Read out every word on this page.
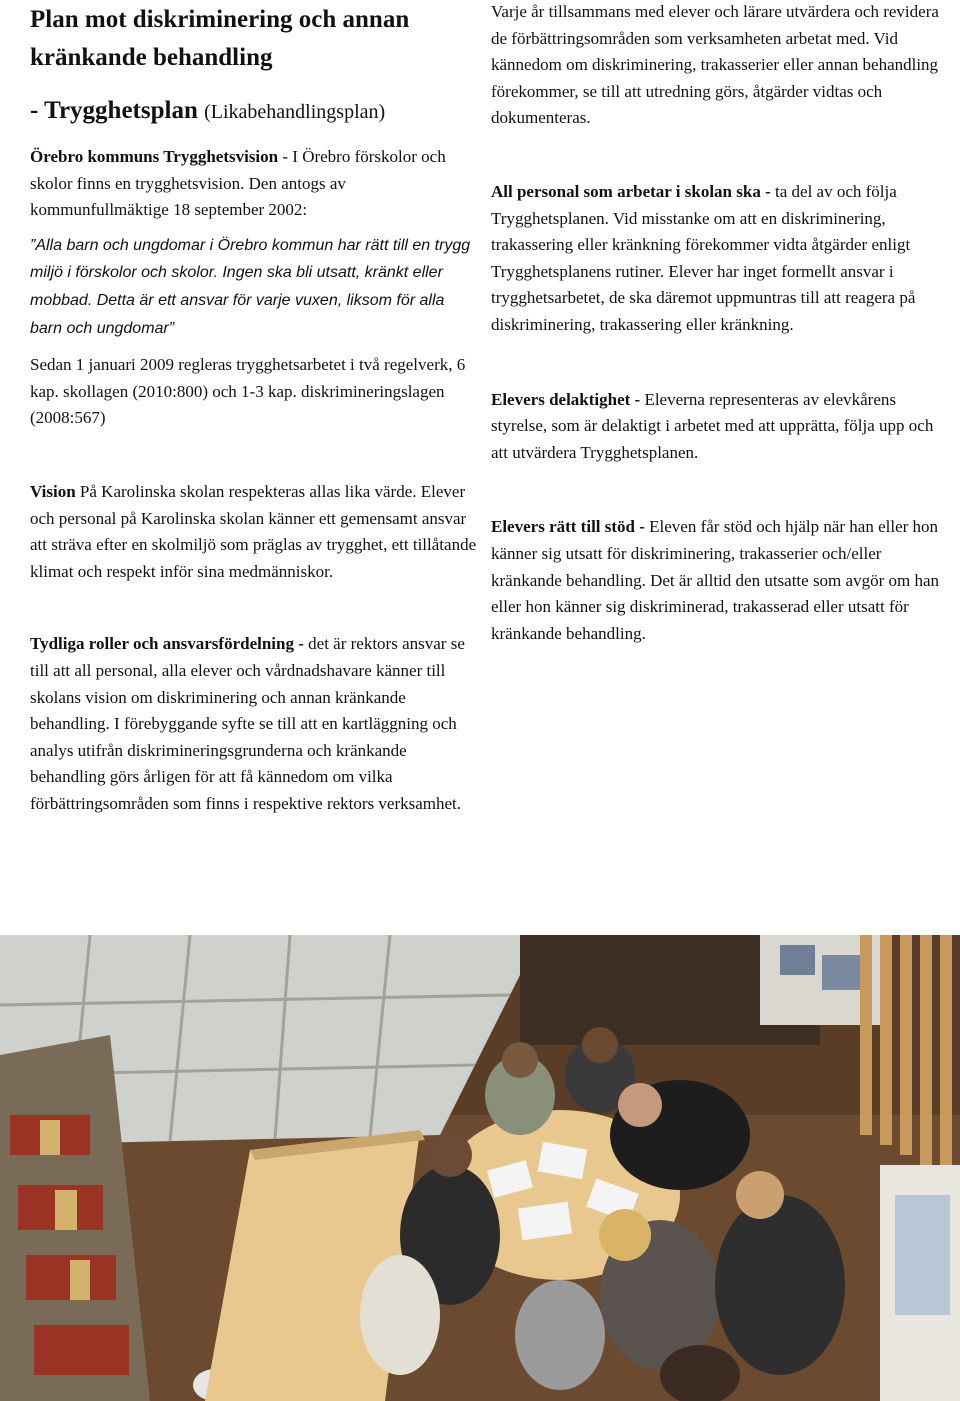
Plan mot diskriminering och annan
kränkande behandling
- Trygghetsplan (Likabehandlingsplan)

Örebro kommuns Trygghetsvision - I Örebro förskolor och skolor finns en trygghetsvision. Den antogs av kommunfullmäktige 18 september 2002:

”Alla barn och ungdomar i Örebro kommun har rätt till en trygg miljö i förskolor och skolor. Ingen ska bli utsatt, kränkt eller mobbad. Detta är ett ansvar för varje vuxen, liksom för alla barn och ungdomar”

Sedan 1 januari 2009 regleras trygghetsarbetet i två regelverk, 6 kap. skollagen (2010:800) och 1-3 kap. diskrimineringslagen (2008:567)

Vision På Karolinska skolan respekteras allas lika värde. Elever och personal på Karolinska skolan känner ett gemensamt ansvar att sträva efter en skolmiljö som präglas av trygghet, ett tillåtande klimat och respekt inför sina medmänniskor.

Tydliga roller och ansvarsfördelning - det är rektors ansvar se till att all personal, alla elever och vårdnadshavare känner till skolans vision om diskriminering och annan kränkande behandling. I förebyggande syfte se till att en kartläggning och analys utifrån diskrimineringsgrunderna och kränkande behandling görs årligen för att få kännedom om vilka förbättringsområden som finns i respektive rektors verksamhet.

Varje år tillsammans med elever och lärare utvärdera och revidera de förbättringsområden som verksamheten arbetat med. Vid kännedom om diskriminering, trakasserier eller annan behandling förekommer, se till att utredning görs, åtgärder vidtas och dokumenteras.

All personal som arbetar i skolan ska - ta del av och följa Trygghetsplanen. Vid misstanke om att en diskriminering, trakassering eller kränkning förekommer vidta åtgärder enligt Trygghetsplanens rutiner. Elever har inget formellt ansvar i trygghetsarbetet, de ska däremot uppmuntras till att reagera på diskriminering, trakassering eller kränkning.

Elevers delaktighet - Eleverna representeras av elevkårens styrelse, som är delaktigt i arbetet med att upprätta, följa upp och att utvärdera Trygghetsplanen.

Elevers rätt till stöd - Eleven får stöd och hjälp när han eller hon känner sig utsatt för diskriminering, trakasserier och/eller kränkande behandling. Det är alltid den utsatte som avgör om han eller hon känner sig diskriminerad, trakasserad eller utsatt för kränkande behandling.
